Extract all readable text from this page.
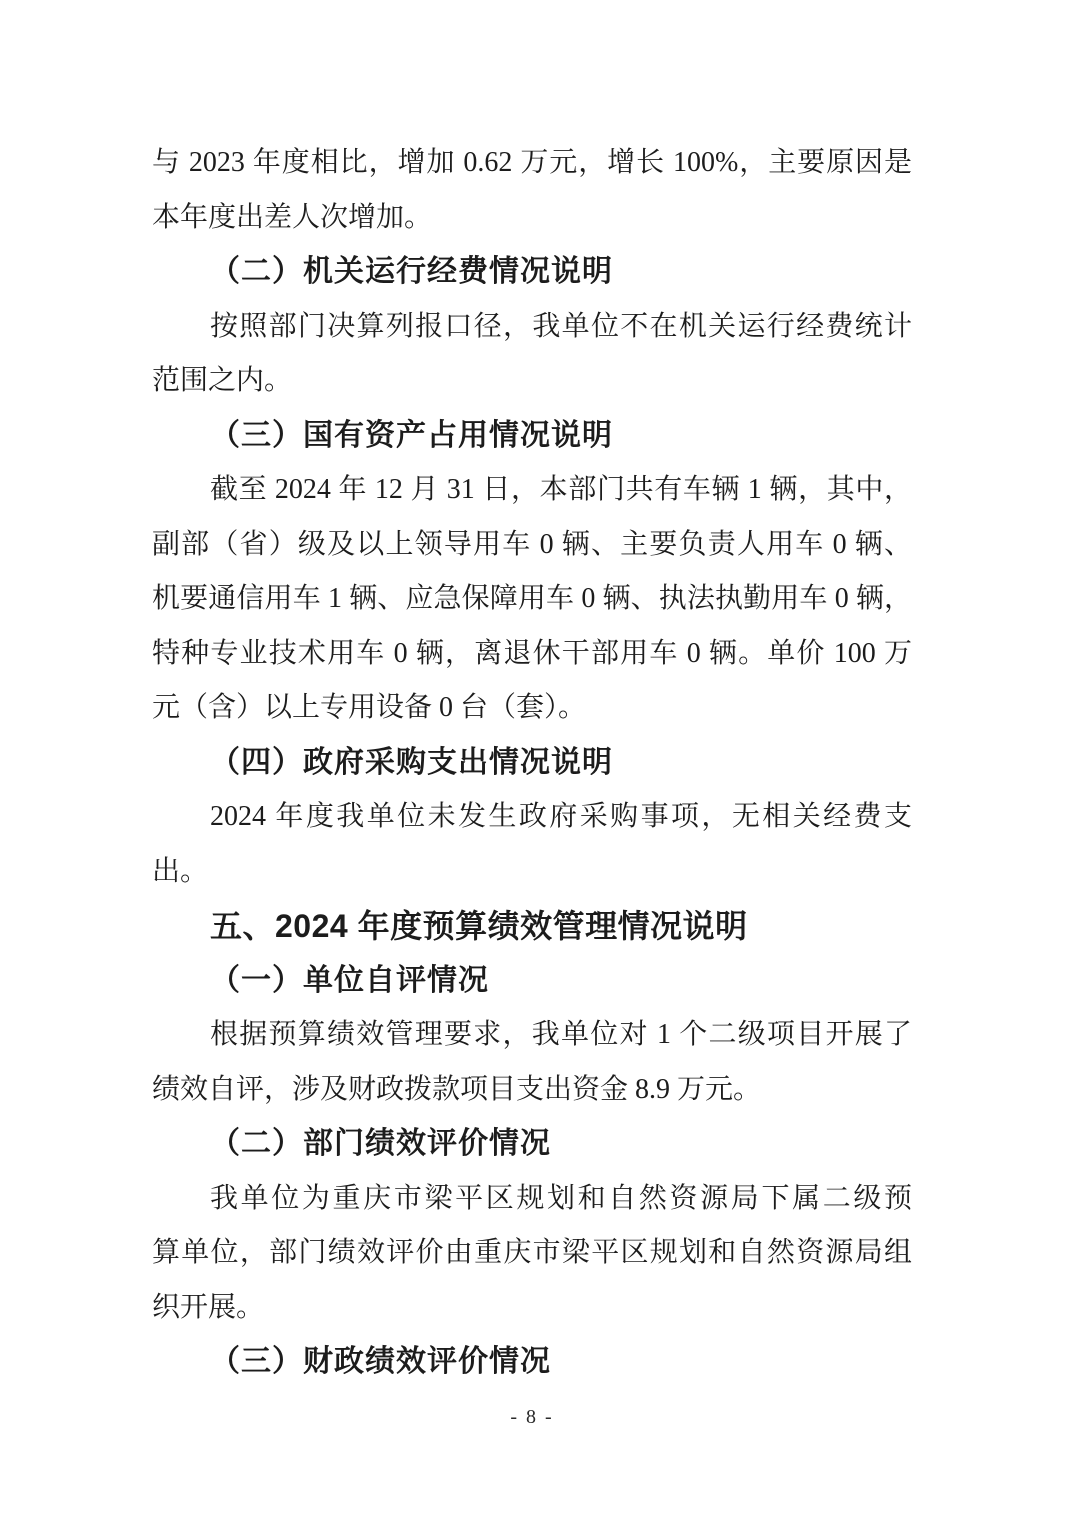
与 2023 年度相比，增加 0.62 万元，增长 100%，主要原因是
本年度出差人次增加。
（二）机关运行经费情况说明
按照部门决算列报口径，我单位不在机关运行经费统计
范围之内。
（三）国有资产占用情况说明
截至 2024 年 12 月 31 日，本部门共有车辆 1 辆，其中，
副部（省）级及以上领导用车 0 辆、主要负责人用车 0 辆、
机要通信用车 1 辆、应急保障用车 0 辆、执法执勤用车 0 辆，
特种专业技术用车 0 辆，离退休干部用车 0 辆。单价 100 万
元（含）以上专用设备 0 台（套）。
（四）政府采购支出情况说明
2024 年度我单位未发生政府采购事项，无相关经费支
出。
五、2024 年度预算绩效管理情况说明
（一）单位自评情况
根据预算绩效管理要求，我单位对 1 个二级项目开展了
绩效自评，涉及财政拨款项目支出资金 8.9 万元。
（二）部门绩效评价情况
我单位为重庆市梁平区规划和自然资源局下属二级预
算单位，部门绩效评价由重庆市梁平区规划和自然资源局组
织开展。
（三）财政绩效评价情况
- 8 -
